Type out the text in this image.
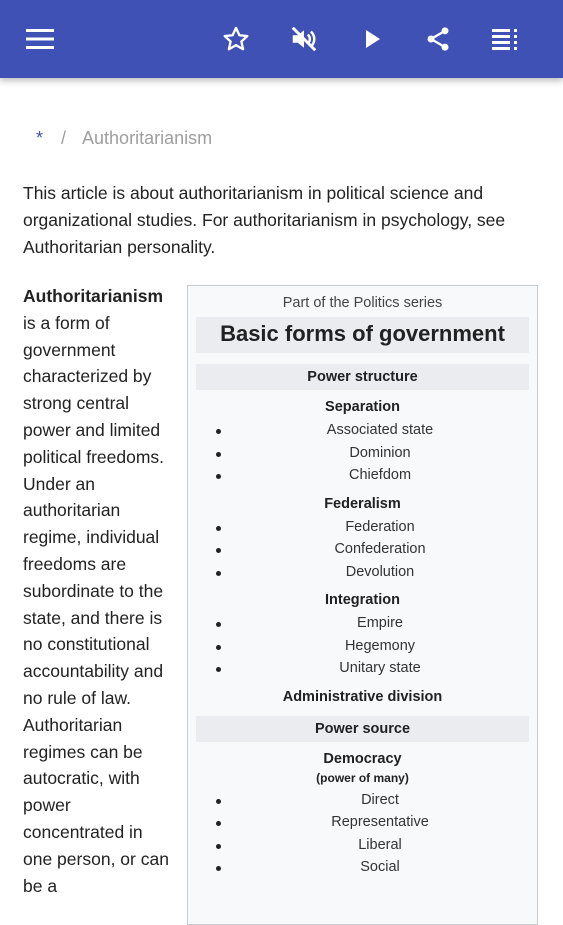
* / Authoritarianism
This article is about authoritarianism in political science and organizational studies. For authoritarianism in psychology, see Authoritarian personality.
Authoritarianism is a form of government characterized by strong central power and limited political freedoms. Under an authoritarian regime, individual freedoms are subordinate to the state, and there is no constitutional accountability and no rule of law. Authoritarian regimes can be autocratic, with power concentrated in one person, or can be a
Part of the Politics series
Basic forms of government
Power structure
Separation
Associated state
Dominion
Chiefdom
Federalism
Federation
Confederation
Devolution
Integration
Empire
Hegemony
Unitary state
Administrative division
Power source
Democracy
(power of many)
Direct
Representative
Liberal
Social
